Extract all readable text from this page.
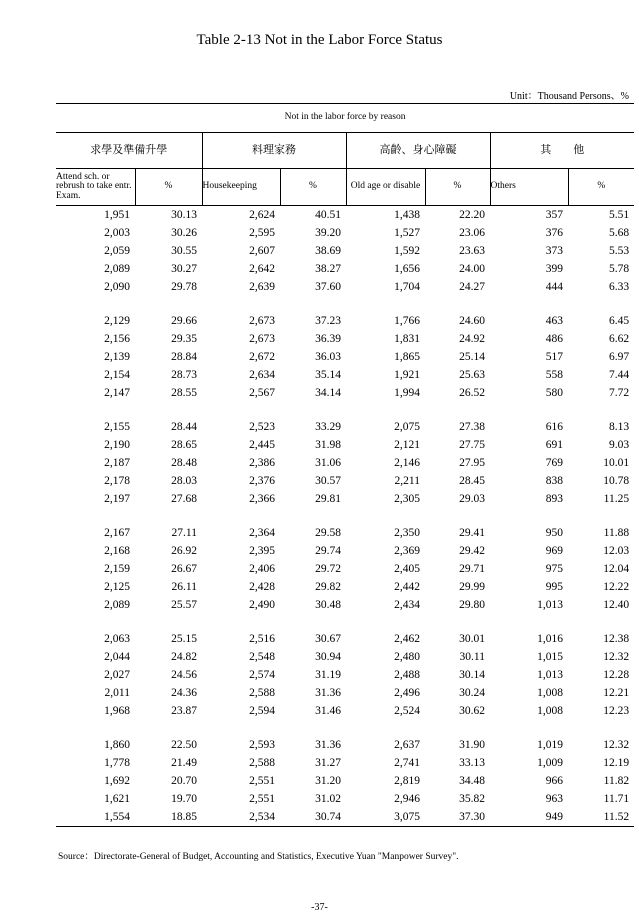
Table 2-13 Not in the Labor Force Status
Unit：Thousand Persons、%
Not in the labor force by reason							
求學及準備升學		料理家務		高齡、身心障礙		其　　他	
Attend sch. or rebrush to take entr. Exam.	%	Housekeeping	%	Old age or disable	%	Others	%
1,951	30.13	2,624	40.51	1,438	22.20	357	5.51
2,003	30.26	2,595	39.20	1,527	23.06	376	5.68
2,059	30.55	2,607	38.69	1,592	23.63	373	5.53
2,089	30.27	2,642	38.27	1,656	24.00	399	5.78
2,090	29.78	2,639	37.60	1,704	24.27	444	6.33

2,129	29.66	2,673	37.23	1,766	24.60	463	6.45
2,156	29.35	2,673	36.39	1,831	24.92	486	6.62
2,139	28.84	2,672	36.03	1,865	25.14	517	6.97
2,154	28.73	2,634	35.14	1,921	25.63	558	7.44
2,147	28.55	2,567	34.14	1,994	26.52	580	7.72

2,155	28.44	2,523	33.29	2,075	27.38	616	8.13
2,190	28.65	2,445	31.98	2,121	27.75	691	9.03
2,187	28.48	2,386	31.06	2,146	27.95	769	10.01
2,178	28.03	2,376	30.57	2,211	28.45	838	10.78
2,197	27.68	2,366	29.81	2,305	29.03	893	11.25

2,167	27.11	2,364	29.58	2,350	29.41	950	11.88
2,168	26.92	2,395	29.74	2,369	29.42	969	12.03
2,159	26.67	2,406	29.72	2,405	29.71	975	12.04
2,125	26.11	2,428	29.82	2,442	29.99	995	12.22
2,089	25.57	2,490	30.48	2,434	29.80	1,013	12.40

2,063	25.15	2,516	30.67	2,462	30.01	1,016	12.38
2,044	24.82	2,548	30.94	2,480	30.11	1,015	12.32
2,027	24.56	2,574	31.19	2,488	30.14	1,013	12.28
2,011	24.36	2,588	31.36	2,496	30.24	1,008	12.21
1,968	23.87	2,594	31.46	2,524	30.62	1,008	12.23

1,860	22.50	2,593	31.36	2,637	31.90	1,019	12.32
1,778	21.49	2,588	31.27	2,741	33.13	1,009	12.19
1,692	20.70	2,551	31.20	2,819	34.48	966	11.82
1,621	19.70	2,551	31.02	2,946	35.82	963	11.71
1,554	18.85	2,534	30.74	3,075	37.30	949	11.52
Source：Directorate-General of Budget, Accounting and Statistics, Executive Yuan "Manpower Survey".
-37-
